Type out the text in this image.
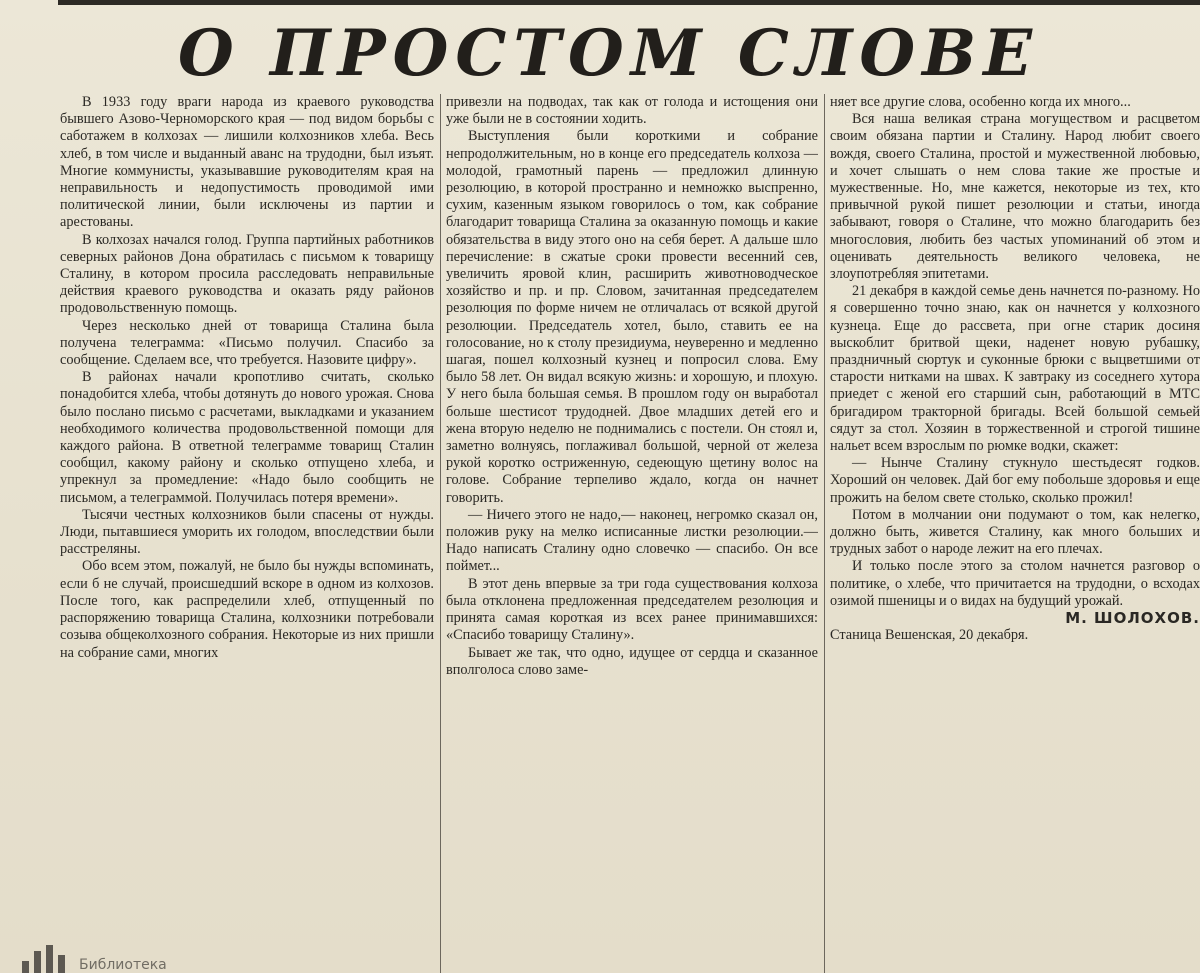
О ПРОСТОМ СЛОВЕ

В 1933 году враги народа из краевого руководства бывшего Азово-Черноморского края — под видом борьбы с саботажем в колхозах — лишили колхозников хлеба. Весь хлеб, в том числе и выданный аванс на трудодни, был изъят. Многие коммунисты, указывавшие руководителям края на неправильность и недопустимость проводимой ими политической линии, были исключены из партии и арестованы.

В колхозах начался голод. Группа партийных работников северных районов Дона обратилась с письмом к товарищу Сталину, в котором просила расследовать неправильные действия краевого руководства и оказать ряду районов продовольственную помощь.

Через несколько дней от товарища Сталина была получена телеграмма: «Письмо получил. Спасибо за сообщение. Сделаем все, что требуется. Назовите цифру».

В районах начали кропотливо считать, сколько понадобится хлеба, чтобы дотянуть до нового урожая. Снова было послано письмо с расчетами, выкладками и указанием необходимого количества продовольственной помощи для каждого района. В ответной телеграмме товарищ Сталин сообщил, какому району и сколько отпущено хлеба, и упрекнул за промедление: «Надо было сообщить не письмом, а телеграммой. Получилась потеря времени».

Тысячи честных колхозников были спасены от нужды. Люди, пытавшиеся уморить их голодом, впоследствии были расстреляны.

Обо всем этом, пожалуй, не было бы нужды вспоминать, если б не случай, происшедший вскоре в одном из колхозов. После того, как распределили хлеб, отпущенный по распоряжению товарища Сталина, колхозники потребовали созыва общеколхозного собрания. Некоторые из них пришли на собрание сами, многих

привезли на подводах, так как от голода и истощения они уже были не в состоянии ходить.

Выступления были короткими и собрание непродолжительным, но в конце его председатель колхоза — молодой, грамотный парень — предложил длинную резолюцию, в которой пространно и немножко выспренно, сухим, казенным языком говорилось о том, как собрание благодарит товарища Сталина за оказанную помощь и какие обязательства в виду этого оно на себя берет. А дальше шло перечисление: в сжатые сроки провести весенний сев, увеличить яровой клин, расширить животноводческое хозяйство и пр. и пр. Словом, зачитанная председателем резолюция по форме ничем не отличалась от всякой другой резолюции. Председатель хотел, было, ставить ее на голосование, но к столу президиума, неуверенно и медленно шагая, пошел колхозный кузнец и попросил слова. Ему было 58 лет. Он видал всякую жизнь: и хорошую, и плохую. У него была большая семья. В прошлом году он выработал больше шестисот трудодней. Двое младших детей его и жена вторую неделю не поднимались с постели. Он стоял и, заметно волнуясь, поглаживал большой, черной от железа рукой коротко остриженную, седеющую щетину волос на голове. Собрание терпеливо ждало, когда он начнет говорить.

— Ничего этого не надо,— наконец, негромко сказал он, положив руку на мелко исписанные листки резолюции.— Надо написать Сталину одно словечко — спасибо. Он все поймет...

В этот день впервые за три года существования колхоза была отклонена предложенная председателем резолюция и принята самая короткая из всех ранее принимавшихся: «Спасибо товарищу Сталину».

Бывает же так, что одно, идущее от сердца и сказанное вполголоса слово заме-

няет все другие слова, особенно когда их много...

Вся наша великая страна могуществом и расцветом своим обязана партии и Сталину. Народ любит своего вождя, своего Сталина, простой и мужественной любовью, и хочет слышать о нем слова такие же простые и мужественные. Но, мне кажется, некоторые из тех, кто привычной рукой пишет резолюции и статьи, иногда забывают, говоря о Сталине, что можно благодарить без многословия, любить без частых упоминаний об этом и оценивать деятельность великого человека, не злоупотребляя эпитетами.

21 декабря в каждой семье день начнется по-разному. Но я совершенно точно знаю, как он начнется у колхозного кузнеца. Еще до рассвета, при огне старик досиня выскоблит бритвой щеки, наденет новую рубашку, праздничный сюртук и суконные брюки с выцветшими от старости нитками на швах. К завтраку из соседнего хутора приедет с женой его старший сын, работающий в МТС бригадиром тракторной бригады. Всей большой семьей сядут за стол. Хозяин в торжественной и строгой тишине нальет всем взрослым по рюмке водки, скажет:

— Нынче Сталину стукнуло шестьдесят годков. Хороший он человек. Дай бог ему побольше здоровья и еще прожить на белом свете столько, сколько прожил!

Потом в молчании они подумают о том, как нелегко, должно быть, живется Сталину, как много больших и трудных забот о народе лежит на его плечах.

И только после этого за столом начнется разговор о политике, о хлебе, что причитается на трудодни, о всходах озимой пшеницы и о видах на будущий урожай.

М. ШОЛОХОВ.

Станица Вешенская, 20 декабря.

Библиотека
